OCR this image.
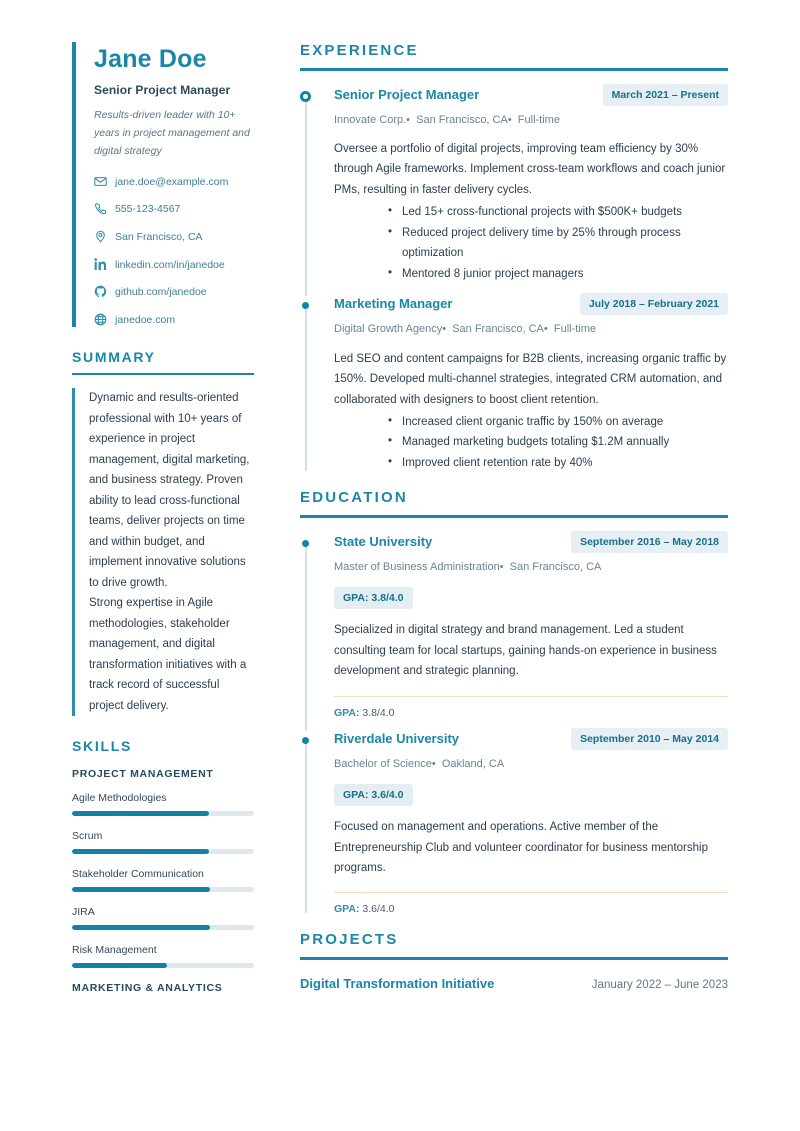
Jane Doe
Senior Project Manager
Results-driven leader with 10+ years in project management and digital strategy
jane.doe@example.com
555-123-4567
San Francisco, CA
linkedin.com/in/janedoe
github.com/janedoe
janedoe.com
SUMMARY

Dynamic and results-oriented professional with 10+ years of experience in project management, digital marketing, and business strategy. Proven ability to lead cross-functional teams, deliver projects on time and within budget, and implement innovative solutions to drive growth.

Strong expertise in Agile methodologies, stakeholder management, and digital transformation initiatives with a track record of successful project delivery.

SKILLS
PROJECT MANAGEMENT
Agile Methodologies
Scrum
Stakeholder Communication
JIRA
Risk Management
MARKETING & ANALYTICS
EXPERIENCE
Senior Project Manager	March 2021 – Present
Innovate Corp.•  San Francisco, CA•  Full-time

Oversee a portfolio of digital projects, improving team efficiency by 30% through Agile frameworks. Implement cross-team workflows and coach junior PMs, resulting in faster delivery cycles.

• Led 15+ cross-functional projects with $500K+ budgets
• Reduced project delivery time by 25% through process optimization
• Mentored 8 junior project managers
Marketing Manager	July 2018 – February 2021
Digital Growth Agency•  San Francisco, CA•  Full-time

Led SEO and content campaigns for B2B clients, increasing organic traffic by 150%. Developed multi-channel strategies, integrated CRM automation, and collaborated with designers to boost client retention.

• Increased client organic traffic by 150% on average
• Managed marketing budgets totaling $1.2M annually
• Improved client retention rate by 40%
EDUCATION
State University	September 2016 – May 2018
Master of Business Administration•  San Francisco, CA
GPA: 3.8/4.0

Specialized in digital strategy and brand management. Led a student consulting team for local startups, gaining hands-on experience in business development and strategic planning.

GPA: 3.8/4.0
Riverdale University	September 2010 – May 2014
Bachelor of Science•  Oakland, CA
GPA: 3.6/4.0

Focused on management and operations. Active member of the Entrepreneurship Club and volunteer coordinator for business mentorship programs.

GPA: 3.6/4.0
PROJECTS
Digital Transformation Initiative	January 2022 – June 2023
